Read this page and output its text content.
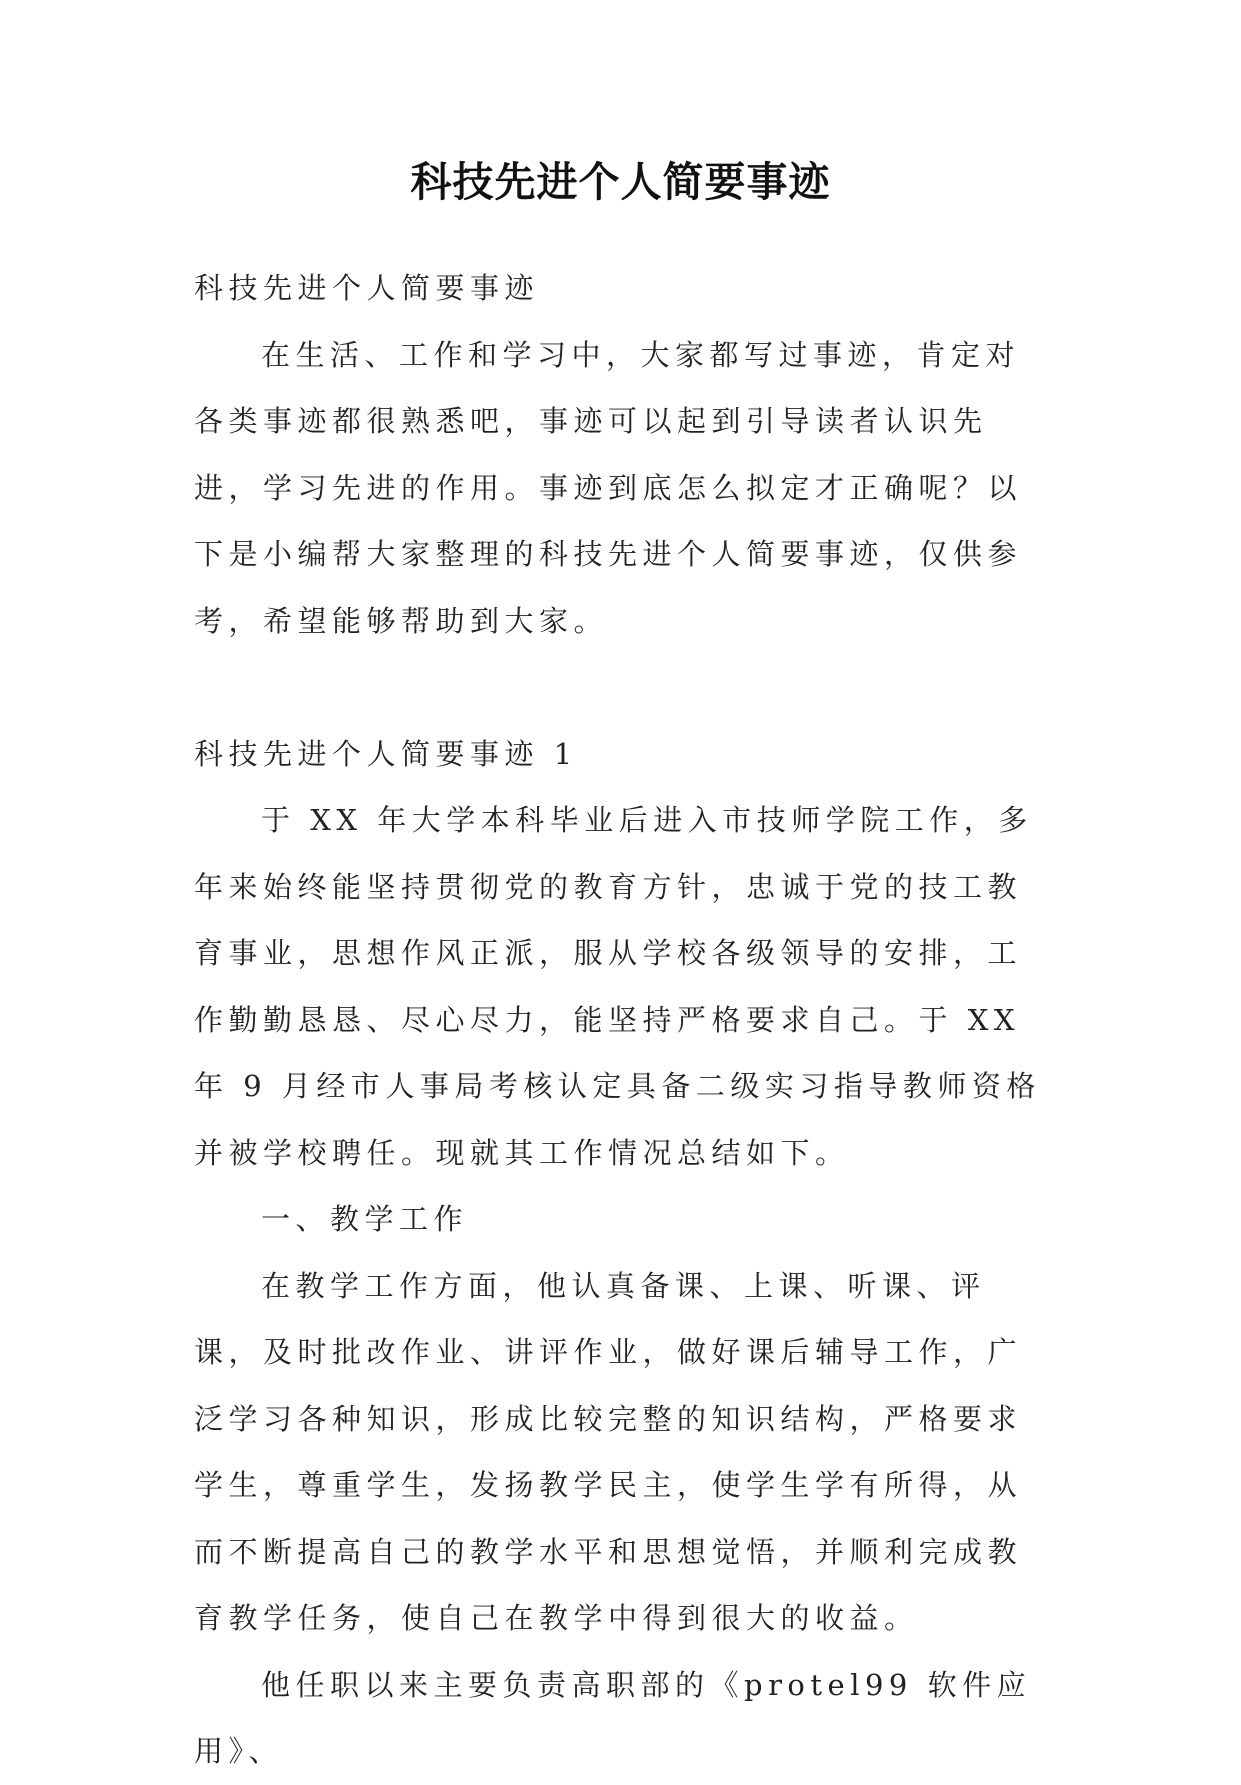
科技先进个人简要事迹

科技先进个人简要事迹

在生活、工作和学习中，大家都写过事迹，肯定对各类事迹都很熟悉吧，事迹可以起到引导读者认识先进，学习先进的作用。事迹到底怎么拟定才正确呢？以下是小编帮大家整理的科技先进个人简要事迹，仅供参考，希望能够帮助到大家。

科技先进个人简要事迹 1

于 XX 年大学本科毕业后进入市技师学院工作，多年来始终能坚持贯彻党的教育方针，忠诚于党的技工教育事业，思想作风正派，服从学校各级领导的安排，工作勤勤恳恳、尽心尽力，能坚持严格要求自己。于 XX 年 9 月经市人事局考核认定具备二级实习指导教师资格并被学校聘任。现就其工作情况总结如下。

一、教学工作

在教学工作方面，他认真备课、上课、听课、评课，及时批改作业、讲评作业，做好课后辅导工作，广泛学习各种知识，形成比较完整的知识结构，严格要求学生，尊重学生，发扬教学民主，使学生学有所得，从而不断提高自己的教学水平和思想觉悟，并顺利完成教育教学任务，使自己在教学中得到很大的收益。

他任职以来主要负责高职部的《protel99 软件应用》、
